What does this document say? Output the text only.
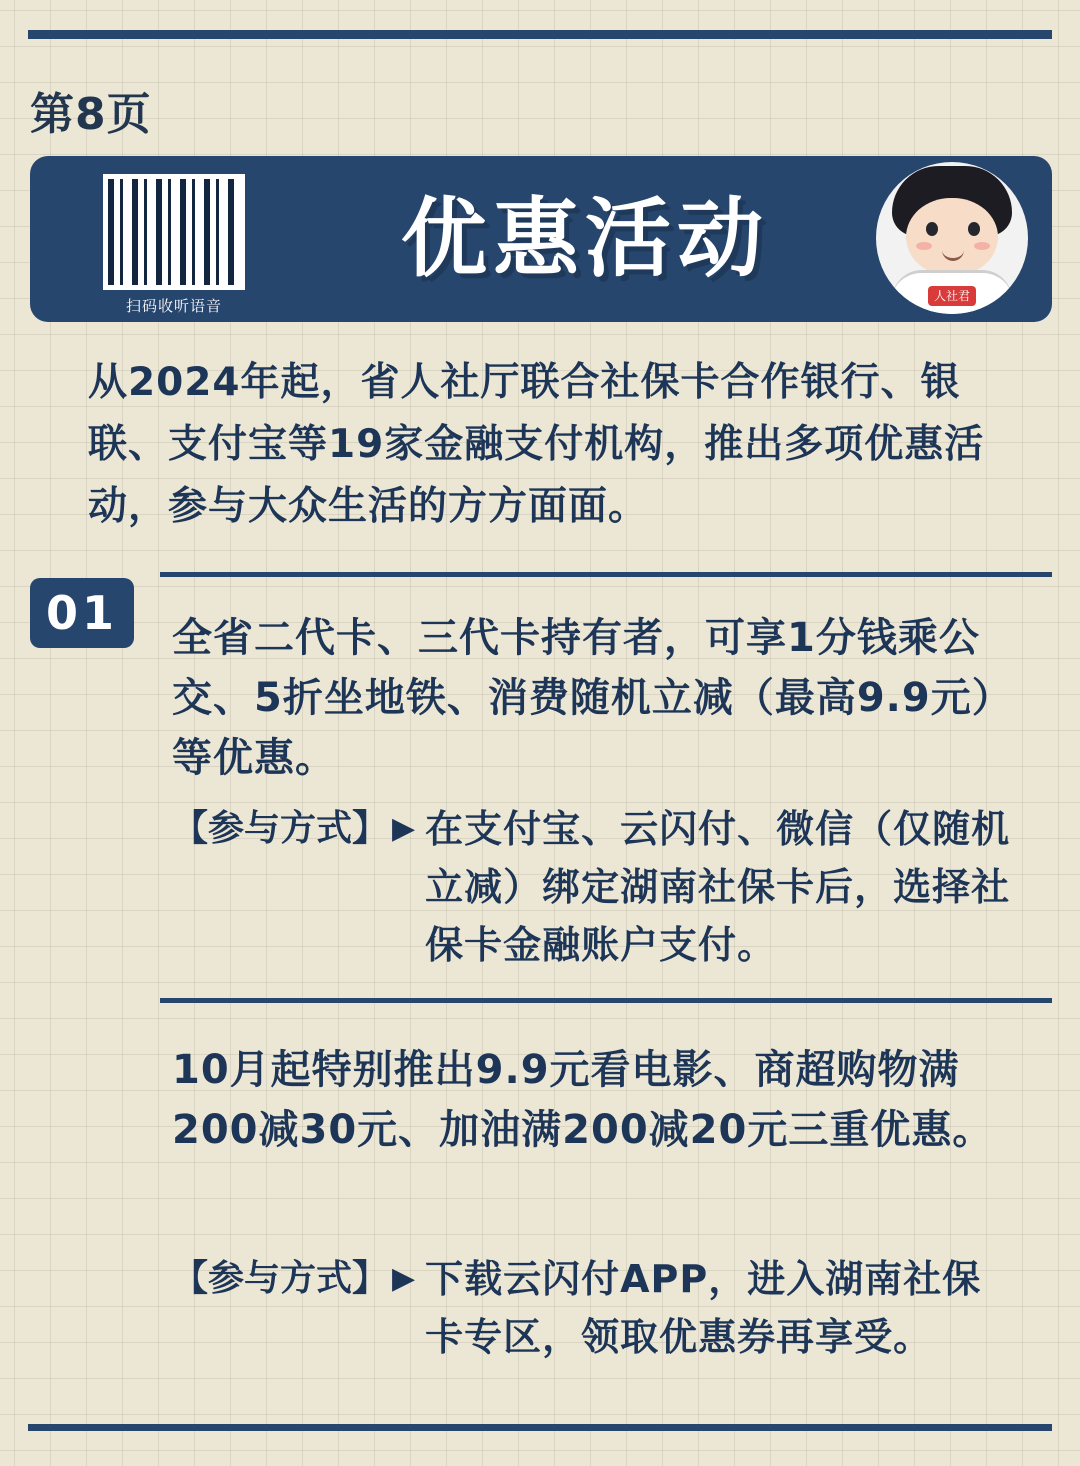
第8页
扫码收听语音
优惠活动
人社君
从2024年起，省人社厅联合社保卡合作银行、银联、支付宝等19家金融支付机构，推出多项优惠活动，参与大众生活的方方面面。
01	全省二代卡、三代卡持有者，可享1分钱乘公交、5折坐地铁、消费随机立减（最高9.9元）等优惠。
【参与方式】 ▶ 在支付宝、云闪付、微信（仅随机立减）绑定湖南社保卡后，选择社保卡金融账户支付。
10月起特别推出9.9元看电影、商超购物满200减30元、加油满200减20元三重优惠。
【参与方式】 ▶ 下载云闪付APP，进入湖南社保卡专区，领取优惠券再享受。
